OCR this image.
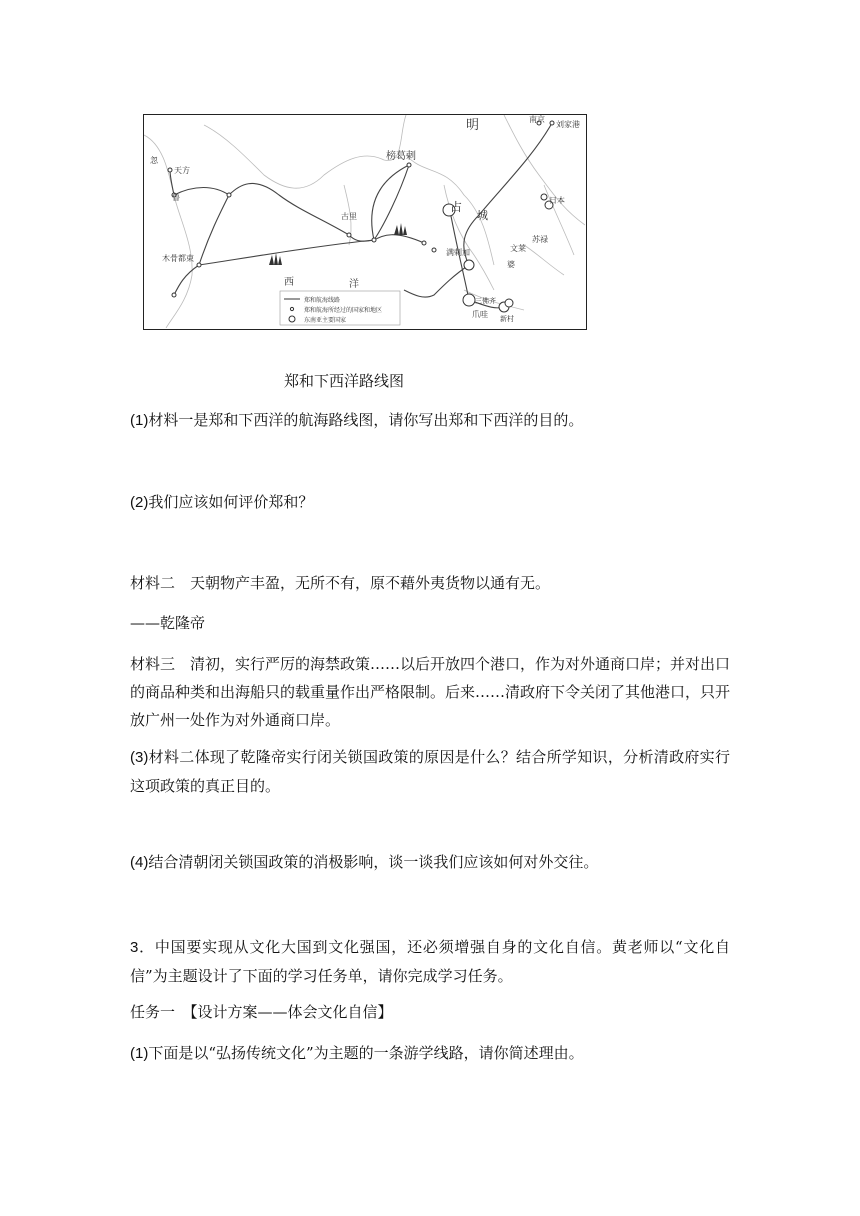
明	南京
刘家港
忽
天方
鲁
木骨都束
古里
榜葛剌
占
城
满剌加
日本
苏禄
文莱
婆
三佛齐
爪哇 新村
西	洋
郑和航海线路
郑和航海所经过的国家和地区
东南亚主要国家

郑和下西洋路线图

(1)材料一是郑和下西洋的航海路线图，请你写出郑和下西洋的目的。

(2)我们应该如何评价郑和？

材料二　天朝物产丰盈，无所不有，原不藉外夷货物以通有无。

——乾隆帝

材料三　清初，实行严厉的海禁政策……以后开放四个港口，作为对外通商口岸；并对出口的商品种类和出海船只的载重量作出严格限制。后来……清政府下令关闭了其他港口，只开放广州一处作为对外通商口岸。

(3)材料二体现了乾隆帝实行闭关锁国政策的原因是什么？结合所学知识，分析清政府实行这项政策的真正目的。

(4)结合清朝闭关锁国政策的消极影响，谈一谈我们应该如何对外交往。

3．中国要实现从文化大国到文化强国，还必须增强自身的文化自信。黄老师以“文化自信”为主题设计了下面的学习任务单，请你完成学习任务。

任务一　【设计方案——体会文化自信】

(1)下面是以“弘扬传统文化”为主题的一条游学线路，请你简述理由。
